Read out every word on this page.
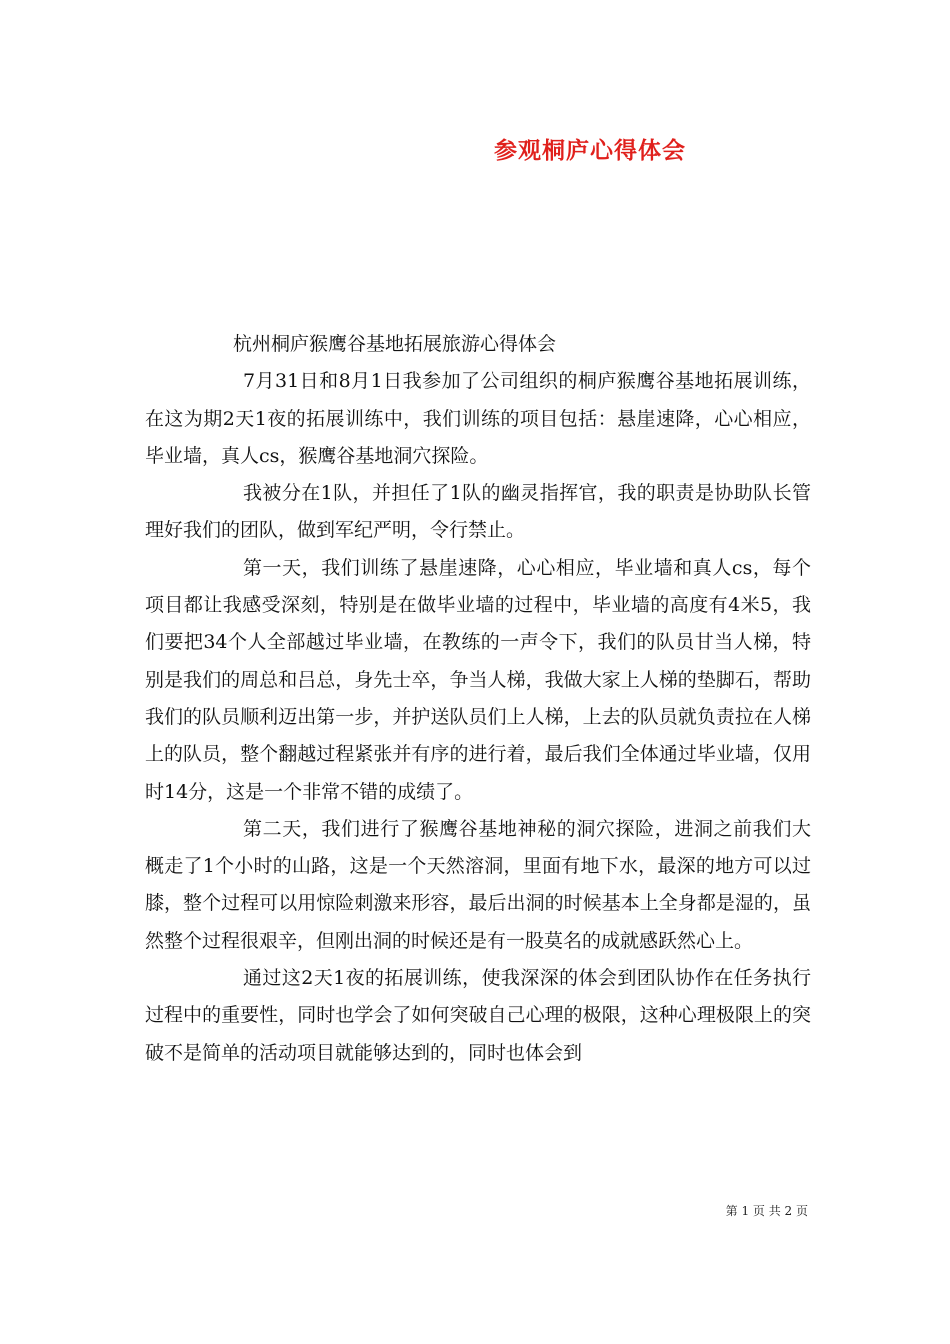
参观桐庐心得体会

杭州桐庐猴鹰谷基地拓展旅游心得体会

7月31日和8月1日我参加了公司组织的桐庐猴鹰谷基地拓展训练，在这为期2天1夜的拓展训练中，我们训练的项目包括：悬崖速降，心心相应，毕业墙，真人cs，猴鹰谷基地洞穴探险。

我被分在1队，并担任了1队的幽灵指挥官，我的职责是协助队长管理好我们的团队，做到军纪严明，令行禁止。

第一天，我们训练了悬崖速降，心心相应，毕业墙和真人cs，每个项目都让我感受深刻，特别是在做毕业墙的过程中，毕业墙的高度有4米5，我们要把34个人全部越过毕业墙，在教练的一声令下，我们的队员甘当人梯，特别是我们的周总和吕总，身先士卒，争当人梯，我做大家上人梯的垫脚石，帮助我们的队员顺利迈出第一步，并护送队员们上人梯，上去的队员就负责拉在人梯上的队员，整个翻越过程紧张并有序的进行着，最后我们全体通过毕业墙，仅用时14分，这是一个非常不错的成绩了。

第二天，我们进行了猴鹰谷基地神秘的洞穴探险，进洞之前我们大概走了1个小时的山路，这是一个天然溶洞，里面有地下水，最深的地方可以过膝，整个过程可以用惊险刺激来形容，最后出洞的时候基本上全身都是湿的，虽然整个过程很艰辛，但刚出洞的时候还是有一股莫名的成就感跃然心上。

通过这2天1夜的拓展训练，使我深深的体会到团队协作在任务执行过程中的重要性，同时也学会了如何突破自己心理的极限，这种心理极限上的突破不是简单的活动项目就能够达到的，同时也体会到

第 1 页 共 2 页
